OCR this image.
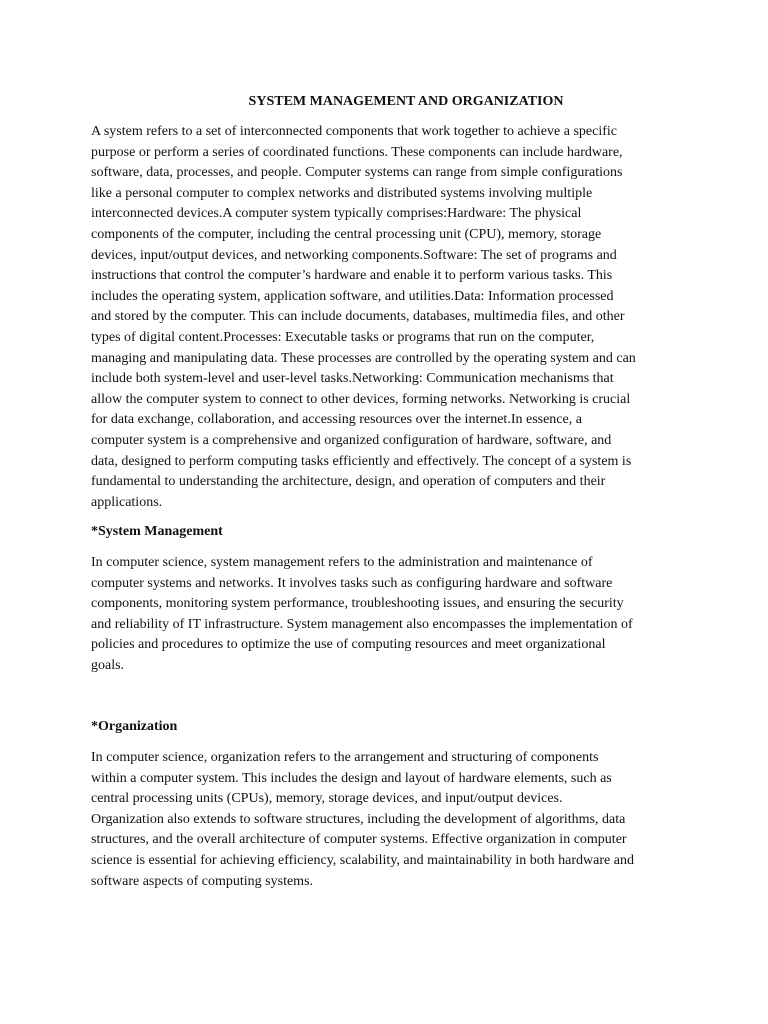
SYSTEM MANAGEMENT AND ORGANIZATION
A system refers to a set of interconnected components that work together to achieve a specific
purpose or perform a series of coordinated functions. These components can include hardware,
software, data, processes, and people. Computer systems can range from simple configurations
like a personal computer to complex networks and distributed systems involving multiple
interconnected devices.A computer system typically comprises:Hardware: The physical
components of the computer, including the central processing unit (CPU), memory, storage
devices, input/output devices, and networking components.Software: The set of programs and
instructions that control the computer’s hardware and enable it to perform various tasks. This
includes the operating system, application software, and utilities.Data: Information processed
and stored by the computer. This can include documents, databases, multimedia files, and other
types of digital content.Processes: Executable tasks or programs that run on the computer,
managing and manipulating data. These processes are controlled by the operating system and can
include both system-level and user-level tasks.Networking: Communication mechanisms that
allow the computer system to connect to other devices, forming networks. Networking is crucial
for data exchange, collaboration, and accessing resources over the internet.In essence, a
computer system is a comprehensive and organized configuration of hardware, software, and
data, designed to perform computing tasks efficiently and effectively. The concept of a system is
fundamental to understanding the architecture, design, and operation of computers and their
applications.
*System Management
In computer science, system management refers to the administration and maintenance of
computer systems and networks. It involves tasks such as configuring hardware and software
components, monitoring system performance, troubleshooting issues, and ensuring the security
and reliability of IT infrastructure. System management also encompasses the implementation of
policies and procedures to optimize the use of computing resources and meet organizational
goals.
*Organization
In computer science, organization refers to the arrangement and structuring of components
within a computer system. This includes the design and layout of hardware elements, such as
central processing units (CPUs), memory, storage devices, and input/output devices.
Organization also extends to software structures, including the development of algorithms, data
structures, and the overall architecture of computer systems. Effective organization in computer
science is essential for achieving efficiency, scalability, and maintainability in both hardware and
software aspects of computing systems.
